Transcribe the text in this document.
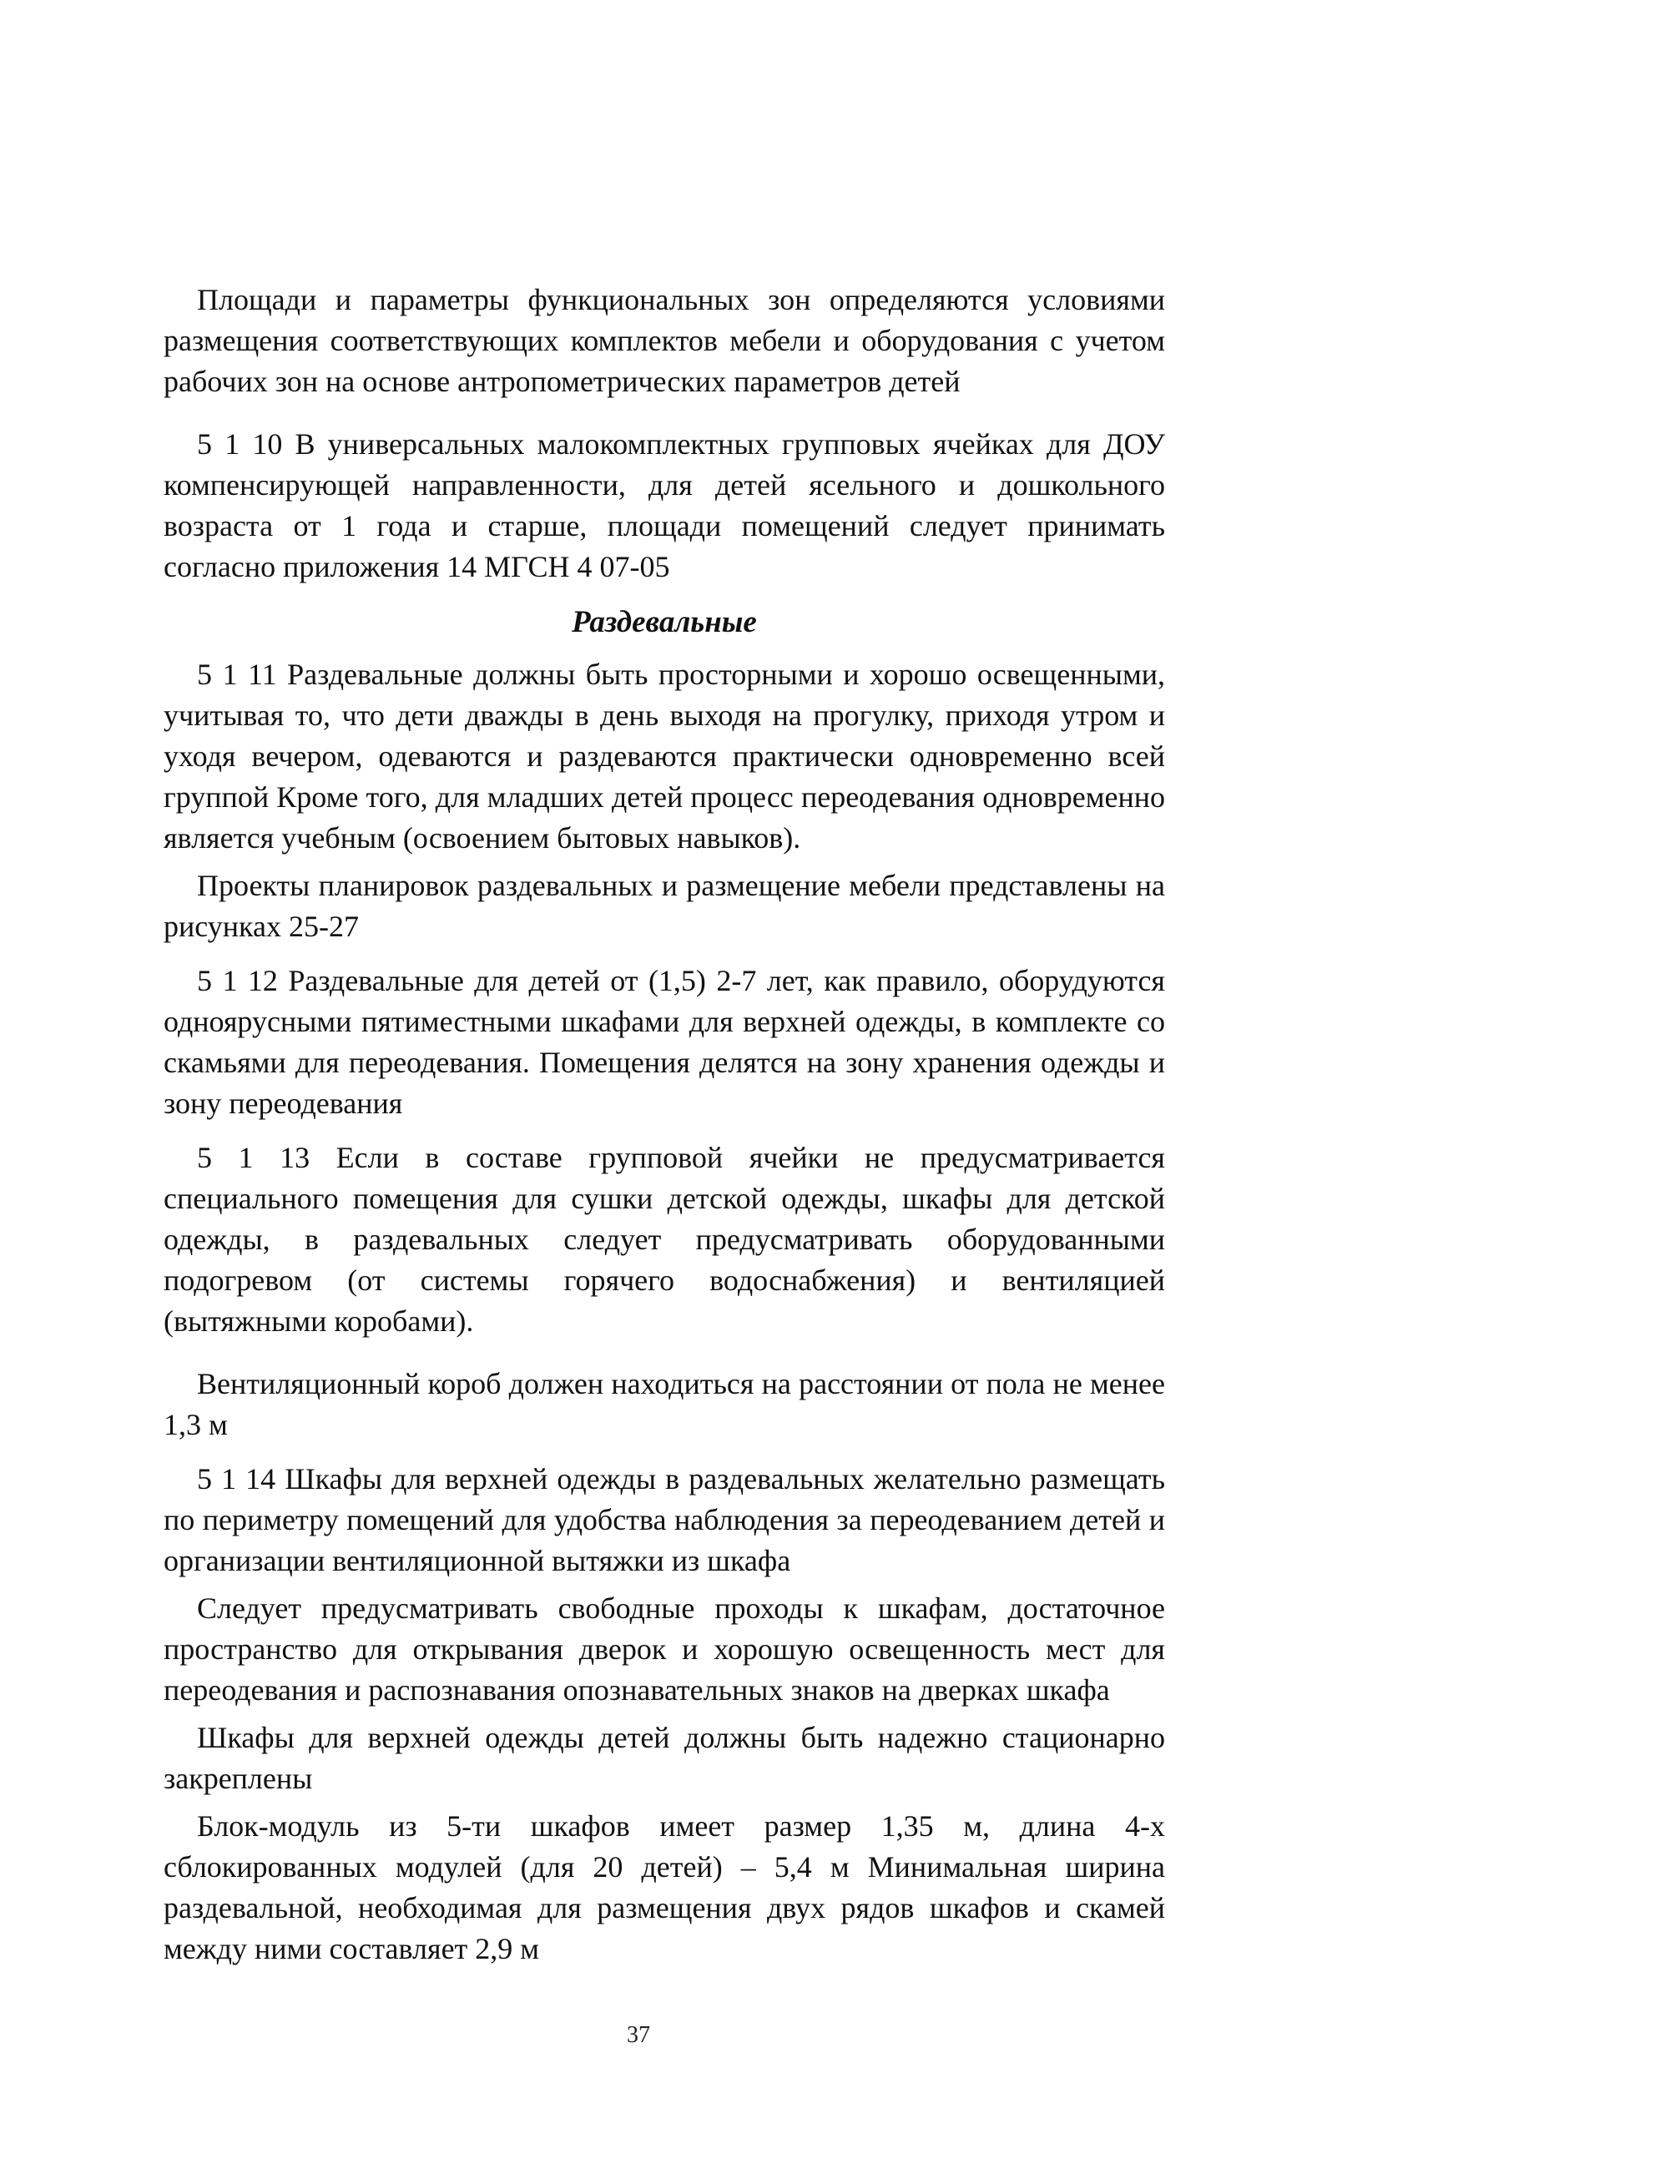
Площади и параметры функциональных зон определяются условиями размещения соответствующих комплектов мебели и оборудования с учетом рабочих зон на основе антропометрических параметров детей

5 1 10 В универсальных малокомплектных групповых ячейках для ДОУ компенсирующей направленности, для детей ясельного и дошкольного возраста от 1 года и старше, площади помещений следует принимать согласно приложения 14 МГСН 4 07-05

Раздевальные

5 1 11 Раздевальные должны быть просторными и хорошо освещенными, учитывая то, что дети дважды в день выходя на прогулку, приходя утром и уходя вечером, одеваются и раздеваются практически одновременно всей группой Кроме того, для младших детей процесс переодевания одновременно является учебным (освоением бытовых навыков).

Проекты планировок раздевальных и размещение мебели представлены на рисунках 25-27

5 1 12 Раздевальные для детей от (1,5) 2-7 лет, как правило, оборудуются одноярусными пятиместными шкафами для верхней одежды, в комплекте со скамьями для переодевания. Помещения делятся на зону хранения одежды и зону переодевания

5 1 13 Если в составе групповой ячейки не предусматривается специального помещения для сушки детской одежды, шкафы для детской одежды, в раздевальных следует предусматривать оборудованными подогревом (от системы горячего водоснабжения) и вентиляцией (вытяжными коробами).

Вентиляционный короб должен находиться на расстоянии от пола не менее 1,3 м

5 1 14 Шкафы для верхней одежды в раздевальных желательно размещать по периметру помещений для удобства наблюдения за переодеванием детей и организации вентиляционной вытяжки из шкафа

Следует предусматривать свободные проходы к шкафам, достаточное пространство для открывания дверок и хорошую освещенность мест для переодевания и распознавания опознавательных знаков на дверках шкафа

Шкафы для верхней одежды детей должны быть надежно стационарно закреплены

Блок-модуль из 5-ти шкафов имеет размер 1,35 м, длина 4-х сблокированных модулей (для 20 детей) – 5,4 м Минимальная ширина раздевальной, необходимая для размещения двух рядов шкафов и скамей между ними составляет 2,9 м

37
